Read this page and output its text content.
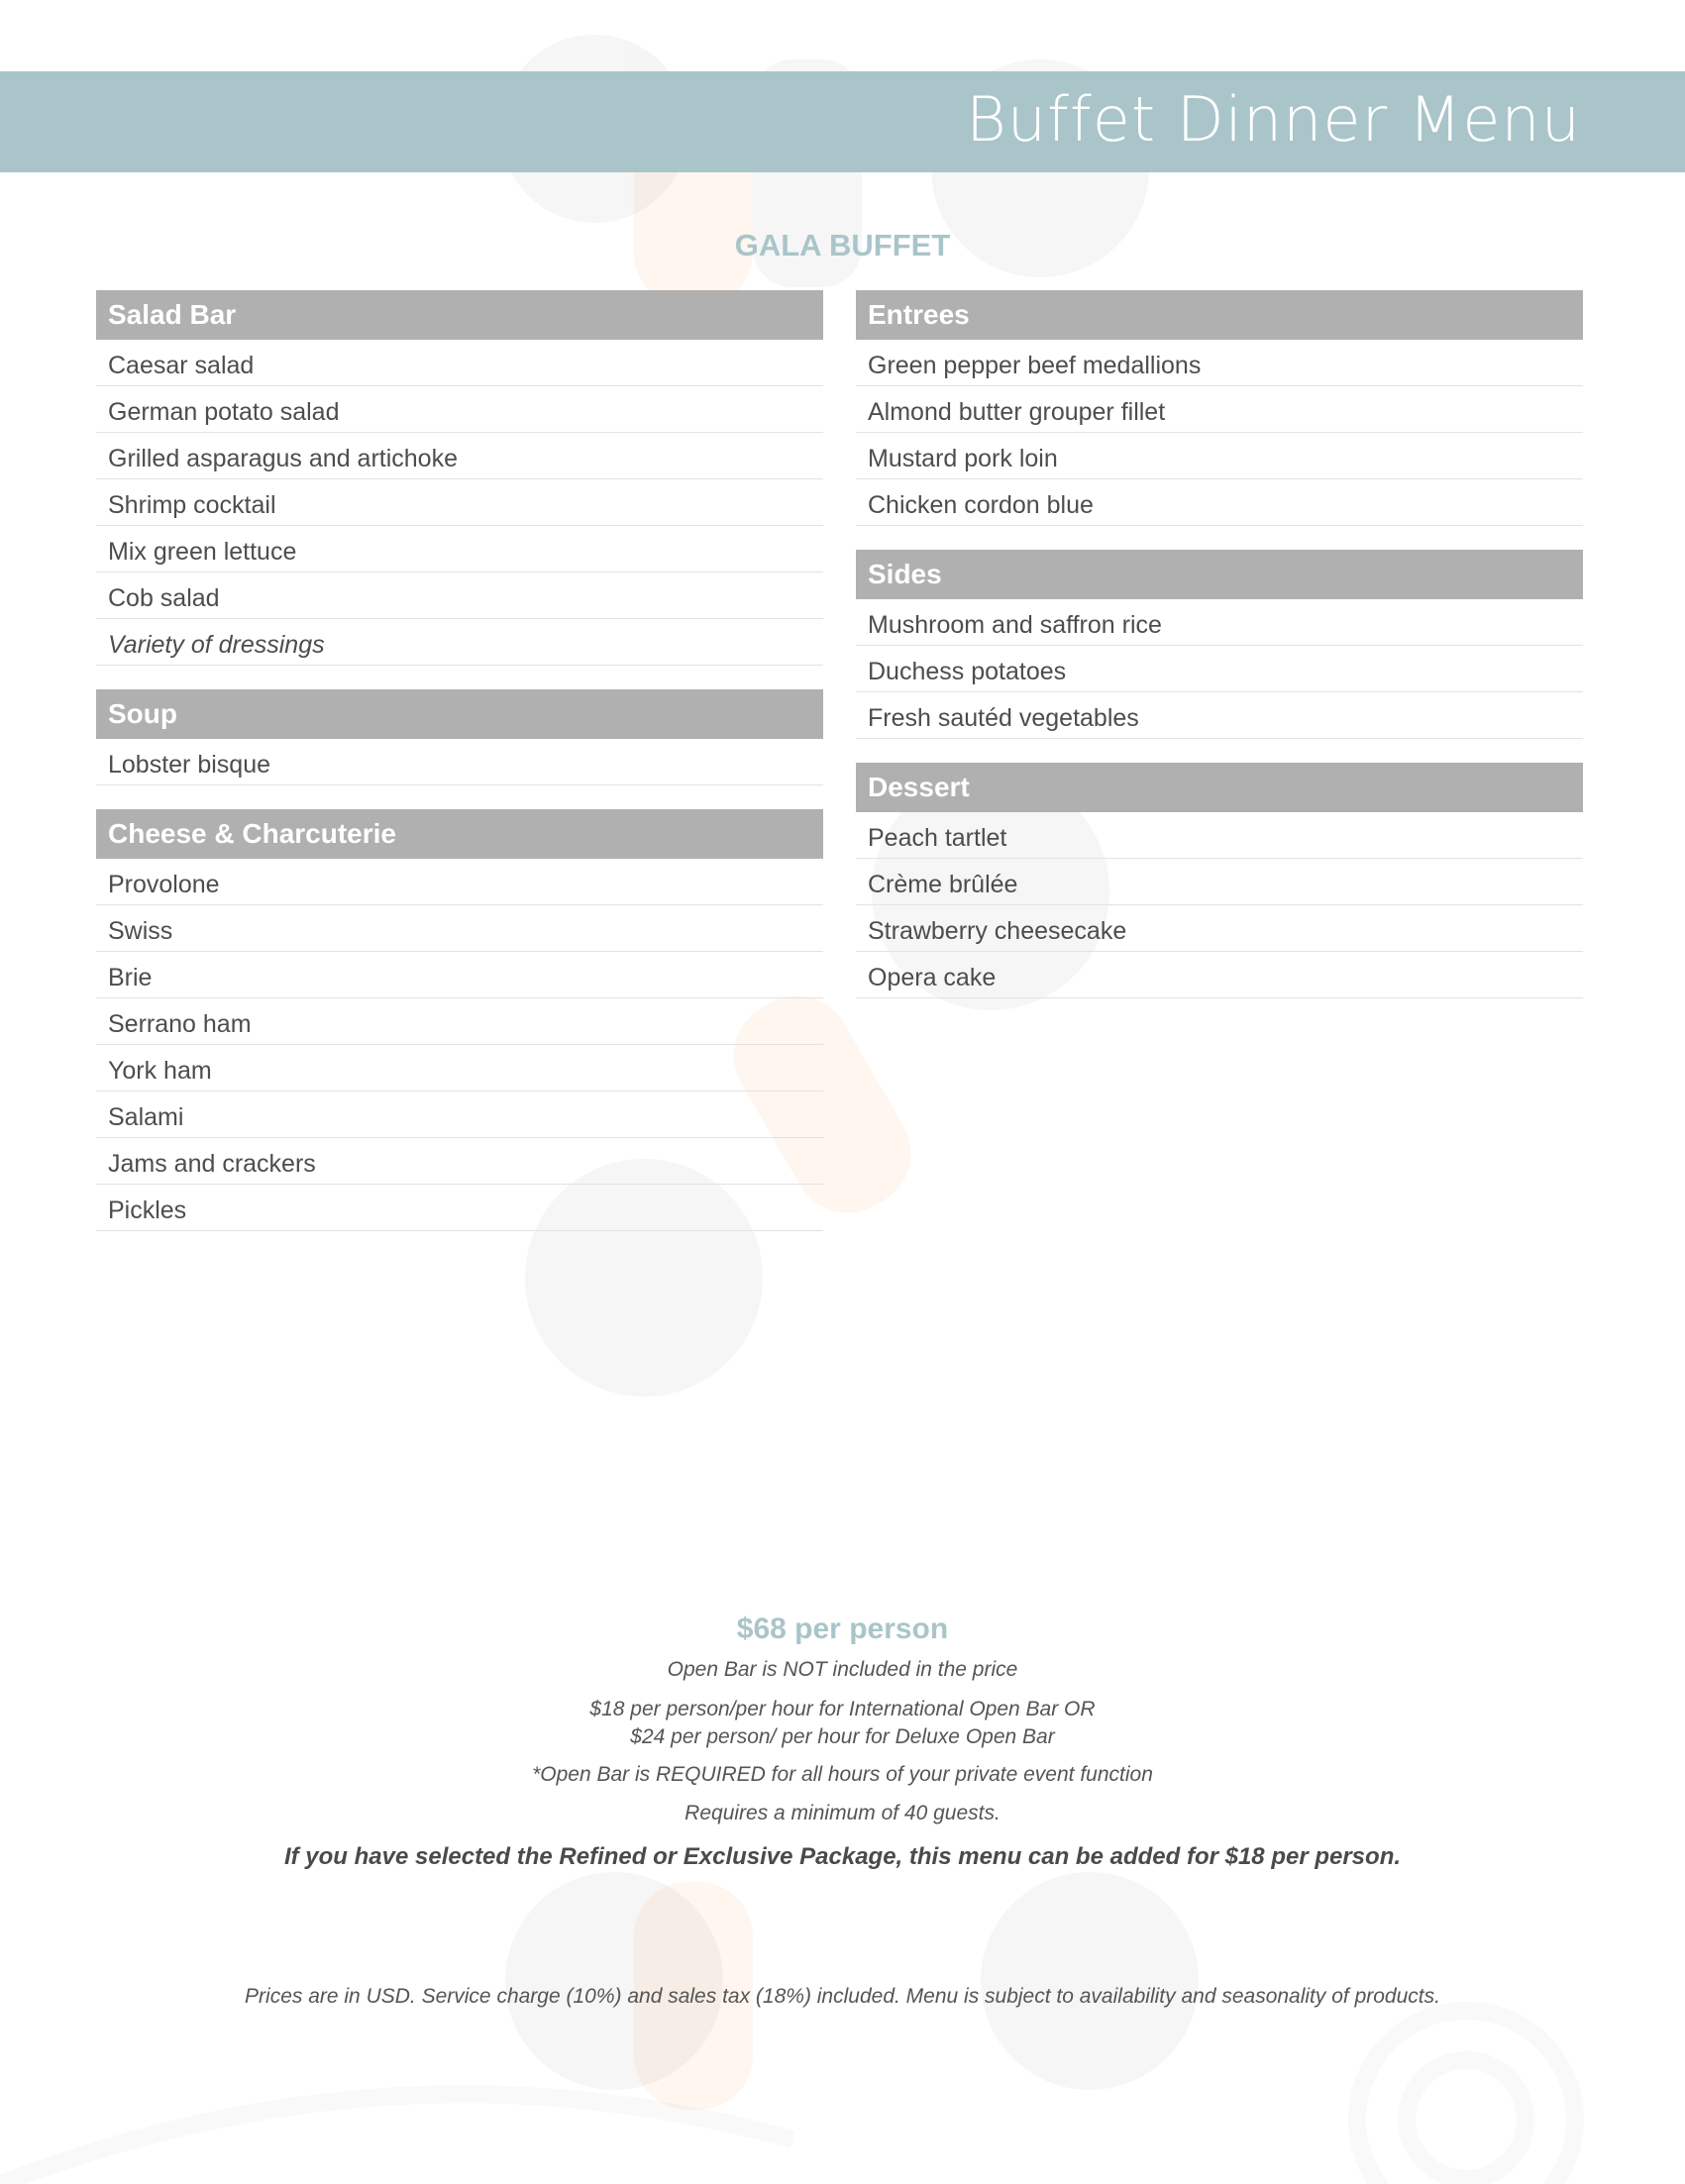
Buffet Dinner Menu
GALA BUFFET
Salad Bar
Caesar salad
German potato salad
Grilled asparagus and artichoke
Shrimp cocktail
Mix green lettuce
Cob salad
Variety of dressings
Soup
Lobster bisque
Cheese & Charcuterie
Provolone
Swiss
Brie
Serrano ham
York ham
Salami
Jams and crackers
Pickles
Entrees
Green pepper beef medallions
Almond butter grouper fillet
Mustard pork loin
Chicken cordon blue
Sides
Mushroom and saffron rice
Duchess potatoes
Fresh sautéd vegetables
Dessert
Peach tartlet
Crème brûlée
Strawberry cheesecake
Opera cake
$68 per person
Open Bar is NOT included in the price
$18 per person/per hour for International Open Bar OR
$24 per person/ per hour for Deluxe Open Bar
*Open Bar is REQUIRED for all hours of your private event function
Requires a minimum of 40 guests.
If you have selected the Refined or Exclusive Package, this menu can be added for $18 per person.
Prices are in USD. Service charge (10%) and sales tax (18%) included. Menu is subject to availability and seasonality of products.
